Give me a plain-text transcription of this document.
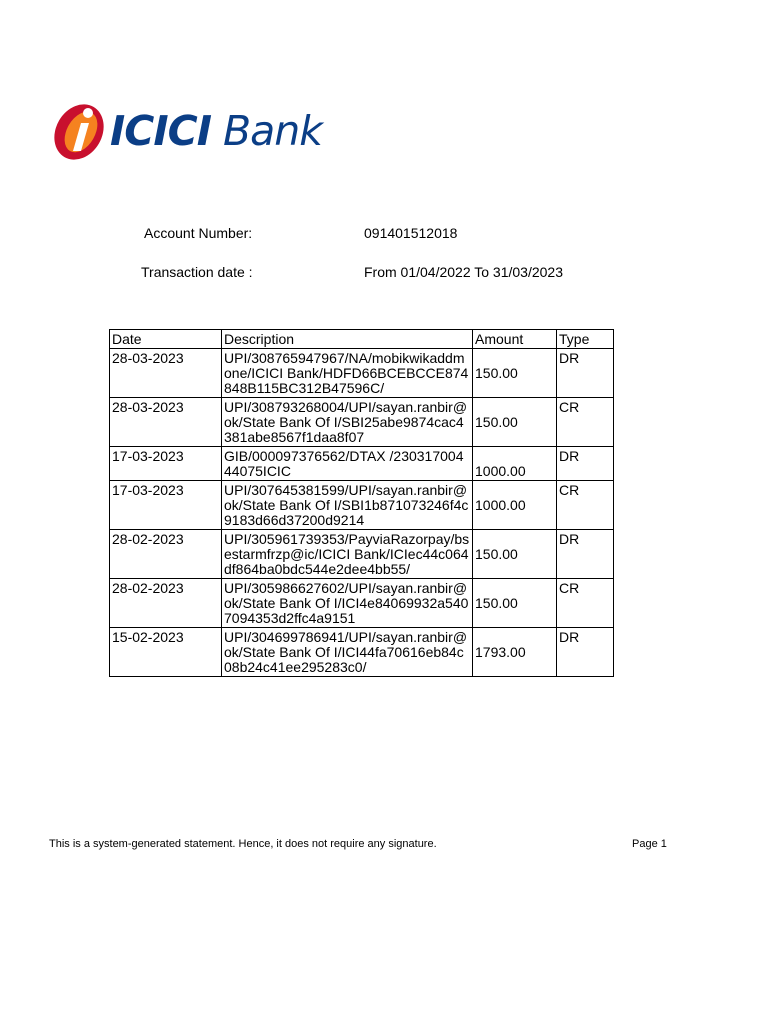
ICICI Bank
Account Number:	091401512018
Transaction date :	From 01/04/2022 To 31/03/2023
Date	Description	Amount	Type
28-03-2023	UPI/308765947967/NA/mobikwikaddmone/ICICI Bank/HDFD66BCEBCCE874848B115BC312B47596C/	150.00	DR
28-03-2023	UPI/308793268004/UPI/sayan.ranbir@ok/State Bank Of I/SBI25abe9874cac4381abe8567f1daa8f07	150.00	CR
17-03-2023	GIB/000097376562/DTAX /23031700444075ICIC	1000.00	DR
17-03-2023	UPI/307645381599/UPI/sayan.ranbir@ok/State Bank Of I/SBI1b871073246f4c9183d66d37200d9214	1000.00	CR
28-02-2023	UPI/305961739353/PayviaRazorpay/bsestarmfrzp@ic/ICICI Bank/ICIec44c064df864ba0bdc544e2dee4bb55/	150.00	DR
28-02-2023	UPI/305986627602/UPI/sayan.ranbir@ok/State Bank Of I/ICI4e84069932a5407094353d2ffc4a9151	150.00	CR
15-02-2023	UPI/304699786941/UPI/sayan.ranbir@ok/State Bank Of I/ICI44fa70616eb84c08b24c41ee295283c0/	1793.00	DR
This is a system-generated statement. Hence, it does not require any signature.	Page 1
